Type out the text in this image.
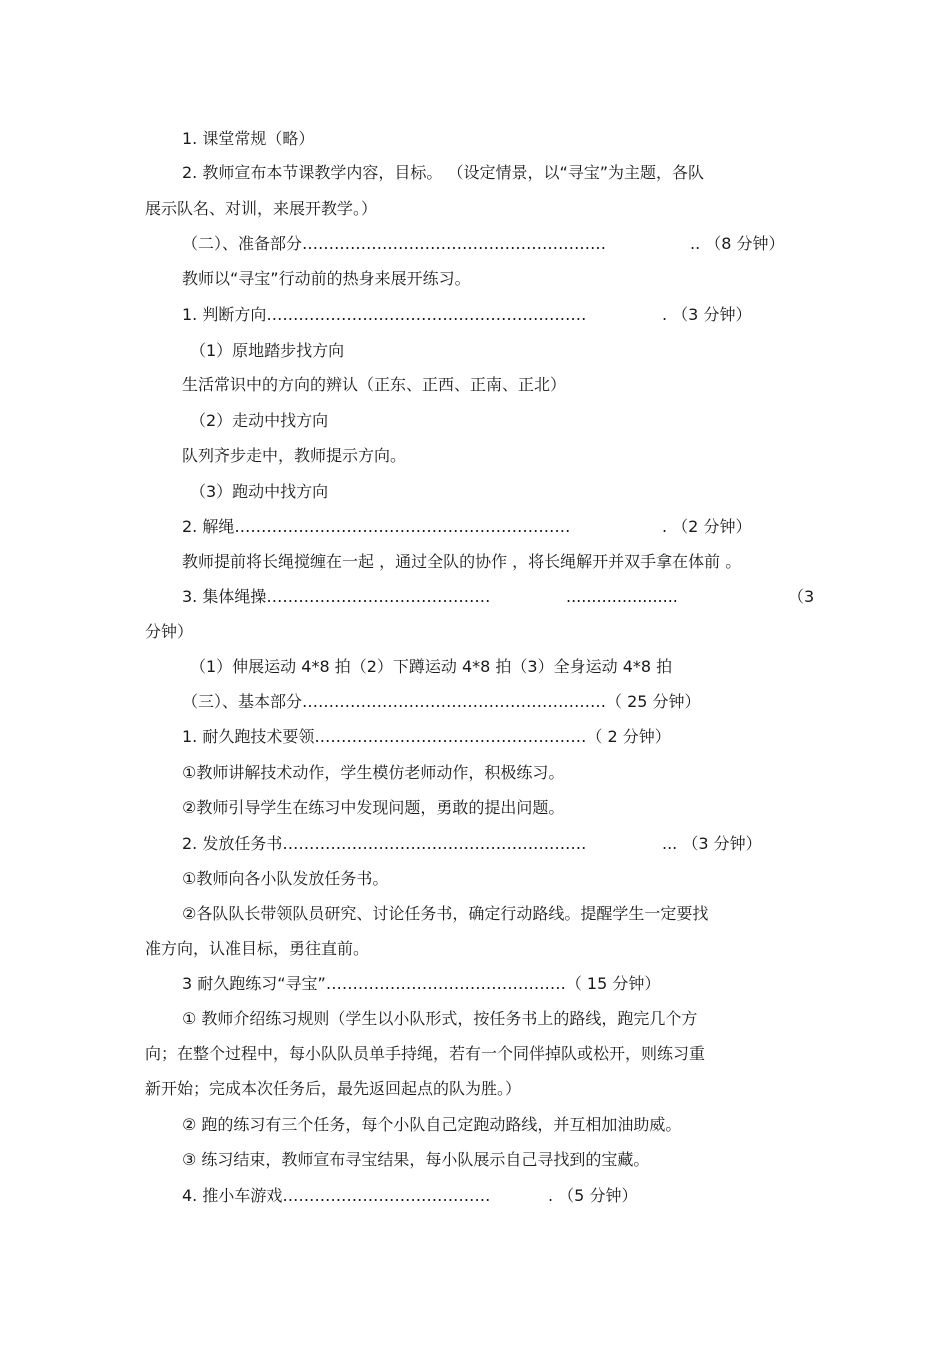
1. 课堂常规（略）
2. 教师宣布本节课教学内容，目标。 （设定情景，以“寻宝”为主题，各队
展示队名、对训，来展开教学。）
（二）、准备部分…………………………………………………	.. （8 分钟）
教师以“寻宝”行动前的热身来展开练习。
1. 判断方向……………………………………………………	. （3 分钟）
（1）原地踏步找方向
生活常识中的方向的辨认（正东、正西、正南、正北）
（2）走动中找方向
队列齐步走中，教师提示方向。
（3）跑动中找方向
2. 解绳………………………………………………………	. （2 分钟）
教师提前将长绳搅缠在一起 ，通过全队的协作 ，将长绳解开并双手拿在体前 。
3. 集体绳操……………………………………	......................	（3
分钟）
（1）伸展运动 4*8 拍（2）下蹲运动 4*8 拍（3）全身运动 4*8 拍
（三）、基本部分…………………………………………………（ 25 分钟）
1. 耐久跑技术要领……………………………………………（ 2 分钟）
①教师讲解技术动作，学生模仿老师动作，积极练习。
②教师引导学生在练习中发现问题，勇敢的提出问题。
2. 发放任务书…………………………………………………	... （3 分钟）
①教师向各小队发放任务书。
②各队队长带领队员研究、讨论任务书，确定行动路线。提醒学生一定要找
准方向，认准目标，勇往直前。
3 耐久跑练习“寻宝”………………………………………（ 15 分钟）
① 教师介绍练习规则（学生以小队形式，按任务书上的路线，跑完几个方
向；在整个过程中，每小队队员单手持绳，若有一个同伴掉队或松开，则练习重
新开始；完成本次任务后，最先返回起点的队为胜。）
② 跑的练习有三个任务，每个小队自己定跑动路线，并互相加油助威。
③ 练习结束，教师宣布寻宝结果，每小队展示自己寻找到的宝藏。
4. 推小车游戏…………………………………	. （5 分钟）
